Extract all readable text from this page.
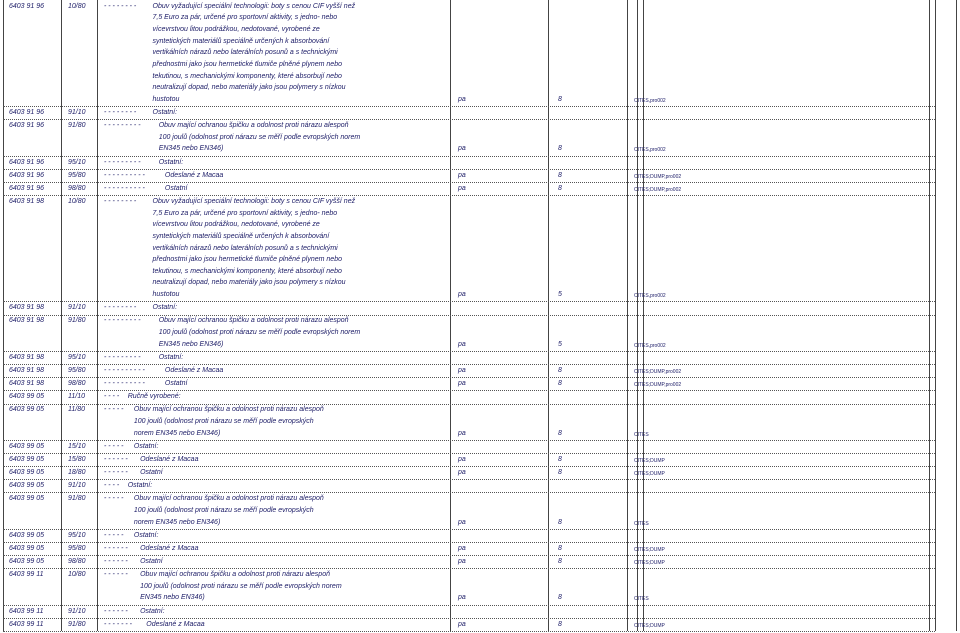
6403 91 96	10/80	- - - - - - - - Obuv vyžadující speciální technologii: boty s cenou CIF vyšší než
7,5 Euro za pár, určené pro sportovní aktivity, s jedno- nebo
vícevrstvou litou podrážkou, nedotované, vyrobené ze
syntetických materiálů speciálně určených k absorbování
vertikálních nárazů nebo laterálních posunů a s technickými
přednostmi jako jsou hermetické tlumiče plněné plynem nebo
tekutinou, s mechanickými komponenty, které absorbují nebo
neutralizují dopad, nebo materiály jako jsou polymery s nízkou
hustotou	pa	8	CITES,pro002
6403 91 96	91/10	- - - - - - - - Ostatní:
6403 91 96	91/80	- - - - - - - - -	Obuv mající ochranou špičku a odolnost proti nárazu alespoň
100 joulů (odolnost proti nárazu se měří podle evropských norem
EN345 nebo EN346)	pa	8	CITES,pro002
6403 91 96	95/10	- - - - - - - - -	Ostatní:
6403 91 96	95/80	- - - - - - - - - -	Odeslané z Macaa	pa	8	CITES;DUMP,pro002
6403 91 96	98/80	- - - - - - - - - -	Ostatní	pa	8	CITES;DUMP,pro002
6403 91 98	10/80	- - - - - - - - Obuv vyžadující speciální technologii: boty s cenou CIF vyšší než
7,5 Euro za pár, určené pro sportovní aktivity, s jedno- nebo
vícevrstvou litou podrážkou, nedotované, vyrobené ze
syntetických materiálů speciálně určených k absorbování
vertikálních nárazů nebo laterálních posunů a s technickými
přednostmi jako jsou hermetické tlumiče plněné plynem nebo
tekutinou, s mechanickými komponenty, které absorbují nebo
neutralizují dopad, nebo materiály jako jsou polymery s nízkou
hustotou	pa	5	CITES,pro002
6403 91 98	91/10	- - - - - - - - Ostatní:
6403 91 98	91/80	- - - - - - - - -	Obuv mající ochranou špičku a odolnost proti nárazu alespoň
100 joulů (odolnost proti nárazu se měří podle evropských norem
EN345 nebo EN346)	pa	5	CITES,pro002
6403 91 98	95/10	- - - - - - - - -	Ostatní:
6403 91 98	95/80	- - - - - - - - - -	Odeslané z Macaa	pa	8	CITES;DUMP,pro002
6403 91 98	98/80	- - - - - - - - - -	Ostatní	pa	8	CITES;DUMP,pro002
6403 99 05	11/10	- - - - Ručně vyrobené:
6403 99 05	11/80	- - - - - Obuv mající ochranou špičku a odolnost proti nárazu alespoň
100 joulů (odolnost proti nárazu se měří podle evropských
norem EN345 nebo EN346)	pa	8	CITES
6403 99 05	15/10	- - - - - Ostatní:
6403 99 05	15/80	- - - - - - Odeslané z Macaa	pa	8	CITES;DUMP
6403 99 05	18/80	- - - - - - Ostatní	pa	8	CITES;DUMP
6403 99 05	91/10	- - - - Ostatní:
6403 99 05	91/80	- - - - - Obuv mající ochranou špičku a odolnost proti nárazu alespoň
100 joulů (odolnost proti nárazu se měří podle evropských
norem EN345 nebo EN346)	pa	8	CITES
6403 99 05	95/10	- - - - - Ostatní:
6403 99 05	95/80	- - - - - - Odeslané z Macaa	pa	8	CITES;DUMP
6403 99 05	98/80	- - - - - - Ostatní	pa	8	CITES;DUMP
6403 99 11	10/80	- - - - - - Obuv mající ochranou špičku a odolnost proti nárazu alespoň
100 joulů (odolnost proti nárazu se měří podle evropských norem
EN345 nebo EN346)	pa	8	CITES
6403 99 11	91/10	- - - - - - Ostatní:
6403 99 11	91/80	- - - - - - - Odeslané z Macaa	pa	8	CITES;DUMP
